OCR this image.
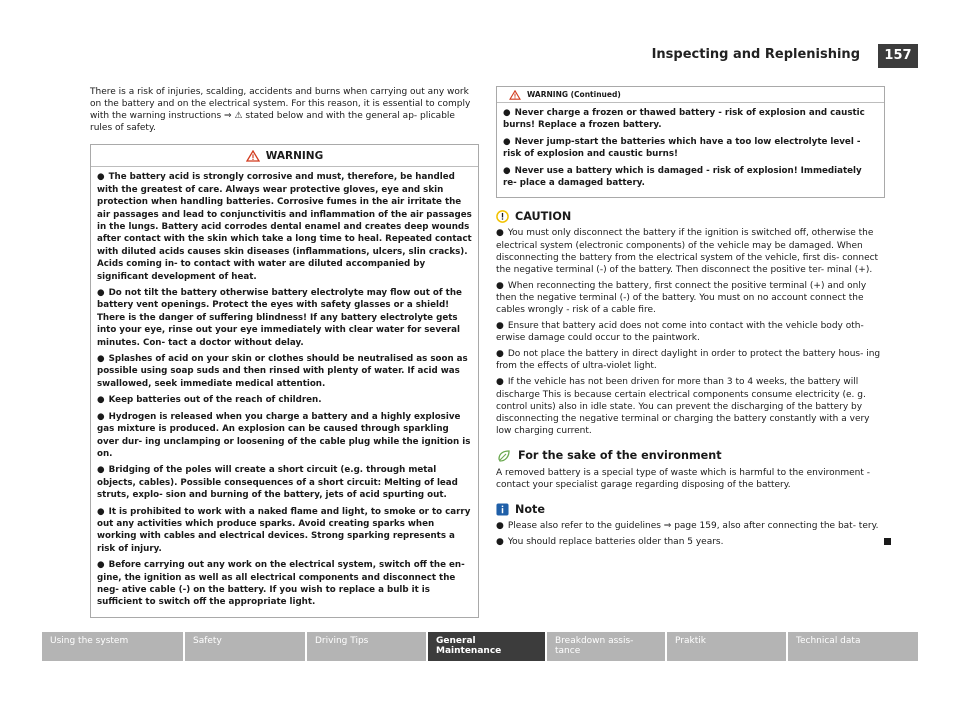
Inspecting and Replenishing	157

There is a risk of injuries, scalding, accidents and burns when carrying out any work on the battery and on the electrical system. For this reason, it is essential to comply with the warning instructions ⇒ ⚠ stated below and with the general ap- plicable rules of safety.

WARNING
● The battery acid is strongly corrosive and must, therefore, be handled with the greatest of care. Always wear protective gloves, eye and skin protection when handling batteries. Corrosive fumes in the air irritate the air passages and lead to conjunctivitis and inflammation of the air passages in the lungs. Battery acid corrodes dental enamel and creates deep wounds after contact with the skin which take a long time to heal. Repeated contact with diluted acids causes skin diseases (inflammations, ulcers, slin cracks). Acids coming in- to contact with water are diluted accompanied by significant development of heat.
● Do not tilt the battery otherwise battery electrolyte may flow out of the battery vent openings. Protect the eyes with safety glasses or a shield! There is the danger of suffering blindness! If any battery electrolyte gets into your eye, rinse out your eye immediately with clear water for several minutes. Con- tact a doctor without delay.
● Splashes of acid on your skin or clothes should be neutralised as soon as possible using soap suds and then rinsed with plenty of water. If acid was swallowed, seek immediate medical attention.
● Keep batteries out of the reach of children.
● Hydrogen is released when you charge a battery and a highly explosive gas mixture is produced. An explosion can be caused through sparkling over dur- ing unclamping or loosening of the cable plug while the ignition is on.
● Bridging of the poles will create a short circuit (e.g. through metal objects, cables). Possible consequences of a short circuit: Melting of lead struts, explo- sion and burning of the battery, jets of acid spurting out.
● It is prohibited to work with a naked flame and light, to smoke or to carry out any activities which produce sparks. Avoid creating sparks when working with cables and electrical devices. Strong sparking represents a risk of injury.
● Before carrying out any work on the electrical system, switch off the en- gine, the ignition as well as all electrical components and disconnect the neg- ative cable (-) on the battery. If you wish to replace a bulb it is sufficient to switch off the appropriate light.
WARNING (Continued)
● Never charge a frozen or thawed battery - risk of explosion and caustic burns! Replace a frozen battery.
● Never jump-start the batteries which have a too low electrolyte level - risk of explosion and caustic burns!
● Never use a battery which is damaged - risk of explosion! Immediately re- place a damaged battery.
CAUTION
● You must only disconnect the battery if the ignition is switched off, otherwise the electrical system (electronic components) of the vehicle may be damaged. When disconnecting the battery from the electrical system of the vehicle, first dis- connect the negative terminal (-) of the battery. Then disconnect the positive ter- minal (+).
● When reconnecting the battery, first connect the positive terminal (+) and only then the negative terminal (-) of the battery. You must on no account connect the cables wrongly - risk of a cable fire.
● Ensure that battery acid does not come into contact with the vehicle body oth- erwise damage could occur to the paintwork.
● Do not place the battery in direct daylight in order to protect the battery hous- ing from the effects of ultra-violet light.
● If the vehicle has not been driven for more than 3 to 4 weeks, the battery will discharge This is because certain electrical components consume electricity (e. g. control units) also in idle state. You can prevent the discharging of the battery by disconnecting the negative terminal or charging the battery constantly with a very low charging current.
For the sake of the environment

A removed battery is a special type of waste which is harmful to the environment - contact your specialist garage regarding disposing of the battery.

Note
● Please also refer to the guidelines ⇒ page 159, also after connecting the bat- tery.
● You should replace batteries older than 5 years.
Using the system	Safety	Driving Tips	General Maintenance
Breakdown assis- tance
Praktik	Technical data
